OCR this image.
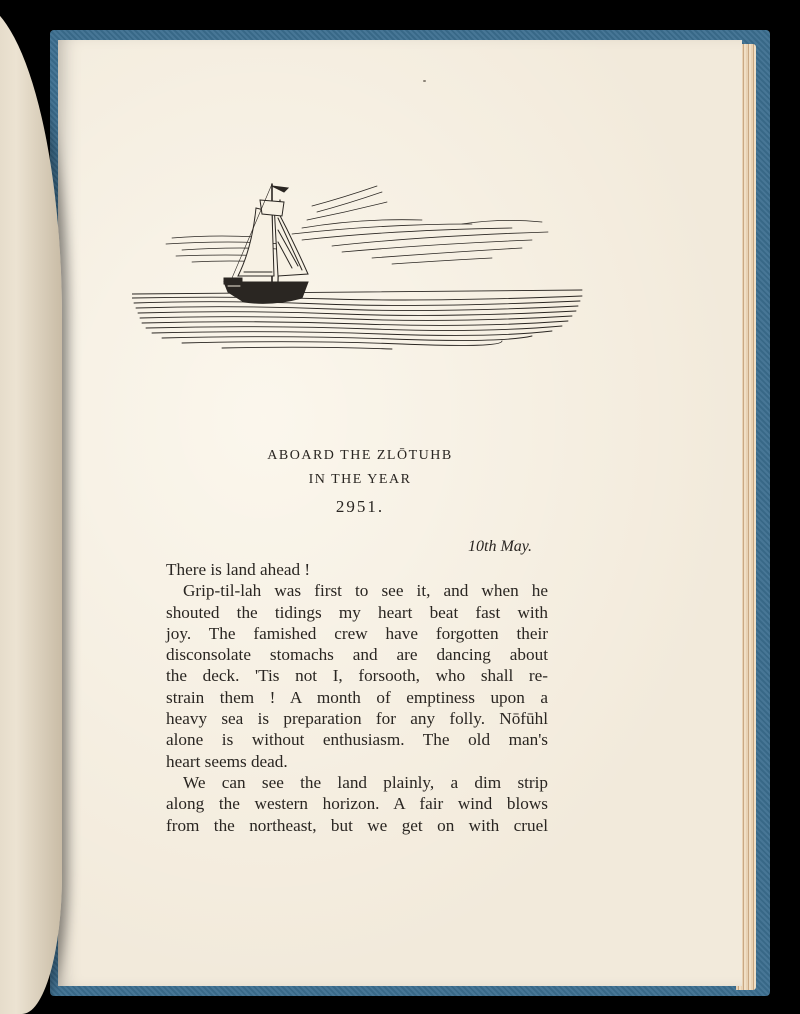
ABOARD THE ZLŌTUHB
IN THE YEAR
2951.
10th May.
There is land ahead !
Grip-til-lah was first to see it, and when he
shouted the tidings my heart beat fast with
joy. The famished crew have forgotten their
disconsolate stomachs and are dancing about
the deck. 'Tis not I, forsooth, who shall re-
strain them ! A month of emptiness upon a
heavy sea is preparation for any folly. Nōfūhl
alone is without enthusiasm. The old man's
heart seems dead.
We can see the land plainly, a dim strip
along the western horizon. A fair wind blows
from the northeast, but we get on with cruel
